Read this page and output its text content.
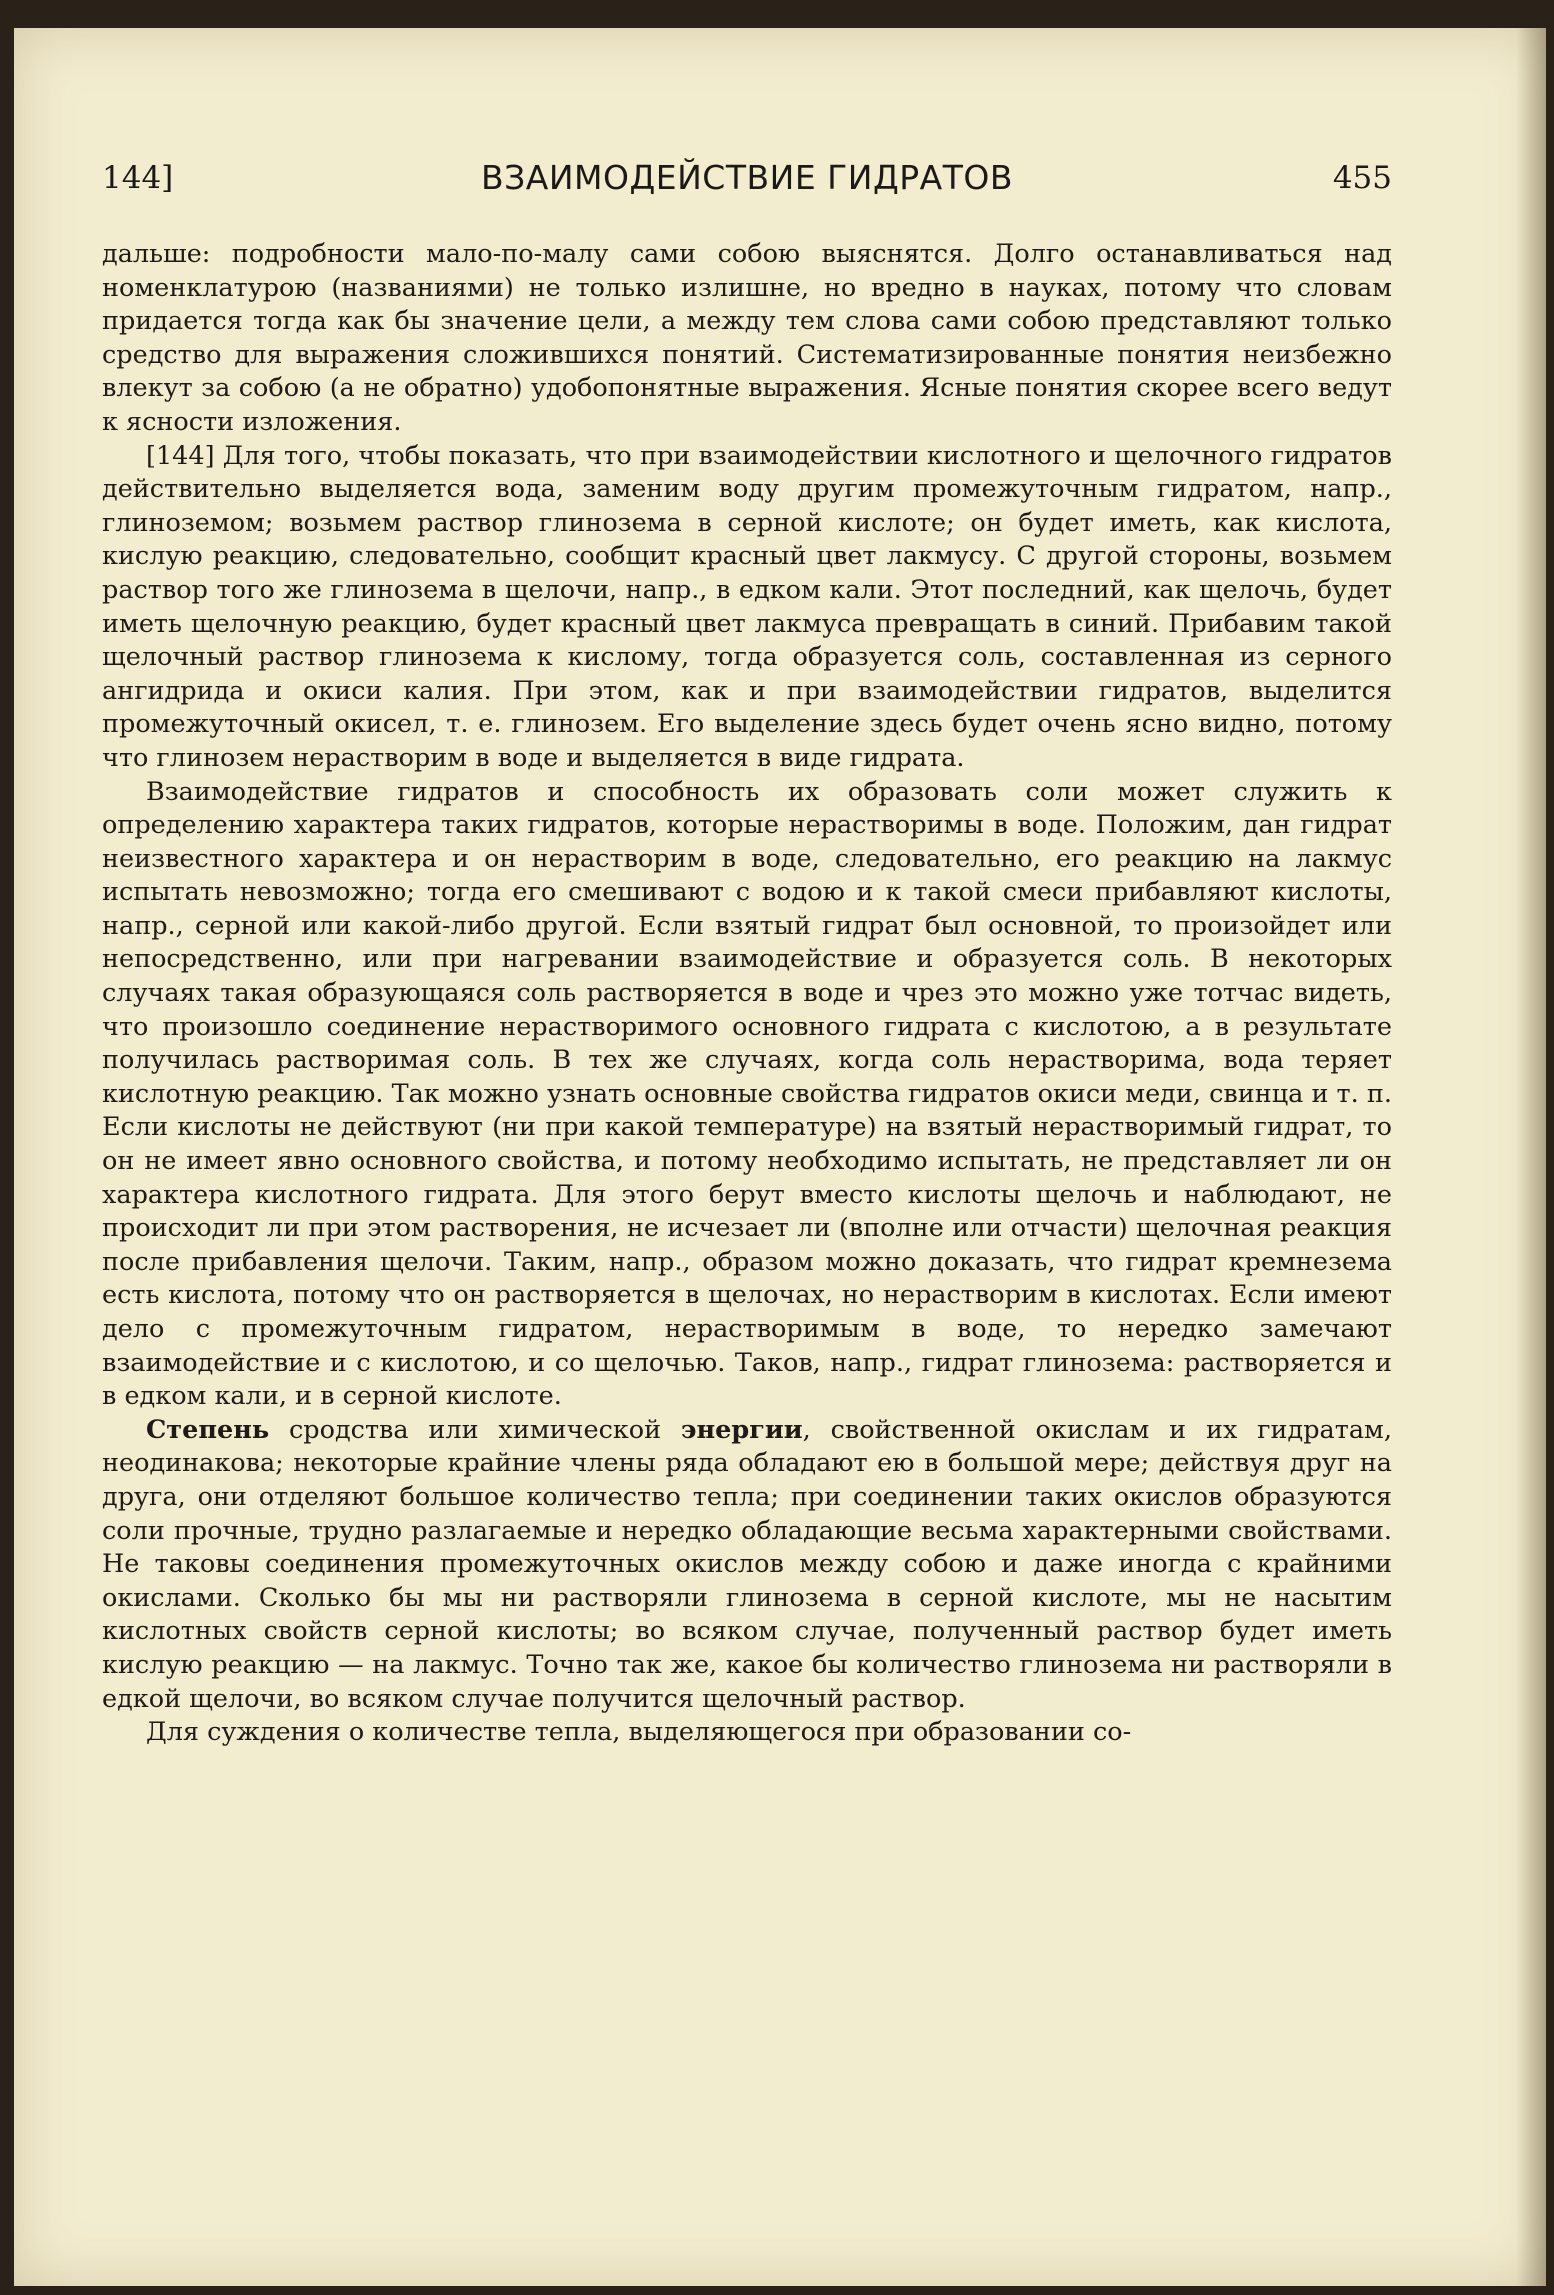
144]	ВЗАИМОДЕЙСТВИЕ ГИДРАТОВ	455

дальше: подробности мало-по-малу сами собою выяснятся. Долго останавливаться над номенклатурою (названиями) не только излишне, но вредно в науках, потому что словам придается тогда как бы значение цели, а между тем слова сами собою представляют только средство для выражения сложившихся понятий. Систематизированные понятия неизбежно влекут за собою (а не обратно) удобопонятные выражения. Ясные понятия скорее всего ведут к ясности изложения.

[144] Для того, чтобы показать, что при взаимодействии кислотного и щелочного гидратов действительно выделяется вода, заменим воду другим промежуточным гидратом, напр., глиноземом; возьмем раствор глинозема в серной кислоте; он будет иметь, как кислота, кислую реакцию, следовательно, сообщит красный цвет лакмусу. С другой стороны, возьмем раствор того же глинозема в щелочи, напр., в едком кали. Этот последний, как щелочь, будет иметь щелочную реакцию, будет красный цвет лакмуса превращать в синий. Прибавим такой щелочный раствор глинозема к кислому, тогда образуется соль, составленная из серного ангидрида и окиси калия. При этом, как и при взаимодействии гидратов, выделится промежуточный окисел, т. е. глинозем. Его выделение здесь будет очень ясно видно, потому что глинозем нерастворим в воде и выделяется в виде гидрата.

Взаимодействие гидратов и способность их образовать соли может служить к определению характера таких гидратов, которые нерастворимы в воде. Положим, дан гидрат неизвестного характера и он нерастворим в воде, следовательно, его реакцию на лакмус испытать невозможно; тогда его смешивают с водою и к такой смеси прибавляют кислоты, напр., серной или какой-либо другой. Если взятый гидрат был основной, то произойдет или непосредственно, или при нагревании взаимодействие и образуется соль. В некоторых случаях такая образующаяся соль растворяется в воде и чрез это можно уже тотчас видеть, что произошло соединение нерастворимого основного гидрата с кислотою, а в результате получилась растворимая соль. В тех же случаях, когда соль нерастворима, вода теряет кислотную реакцию. Так можно узнать основные свойства гидратов окиси меди, свинца и т. п. Если кислоты не действуют (ни при какой температуре) на взятый нерастворимый гидрат, то он не имеет явно основного свойства, и потому необходимо испытать, не представляет ли он характера кислотного гидрата. Для этого берут вместо кислоты щелочь и наблюдают, не происходит ли при этом растворения, не исчезает ли (вполне или отчасти) щелочная реакция после прибавления щелочи. Таким, напр., образом можно доказать, что гидрат кремнезема есть кислота, потому что он растворяется в щелочах, но нерастворим в кислотах. Если имеют дело с промежуточным гидратом, нерастворимым в воде, то нередко замечают взаимодействие и с кислотою, и со щелочью. Таков, напр., гидрат глинозема: растворяется и в едком кали, и в серной кислоте.

Степень сродства или химической энергии, свойственной окислам и их гидратам, неодинакова; некоторые крайние члены ряда обладают ею в большой мере; действуя друг на друга, они отделяют большое количество тепла; при соединении таких окислов образуются соли прочные, трудно разлагаемые и нередко обладающие весьма характерными свойствами. Не таковы соединения промежуточных окислов между собою и даже иногда с крайними окислами. Сколько бы мы ни растворяли глинозема в серной кислоте, мы не насытим кислотных свойств серной кислоты; во всяком случае, полученный раствор будет иметь кислую реакцию — на лакмус. Точно так же, какое бы количество глинозема ни растворяли в едкой щелочи, во всяком случае получится щелочный раствор.

Для суждения о количестве тепла, выделяющегося при образовании со-
